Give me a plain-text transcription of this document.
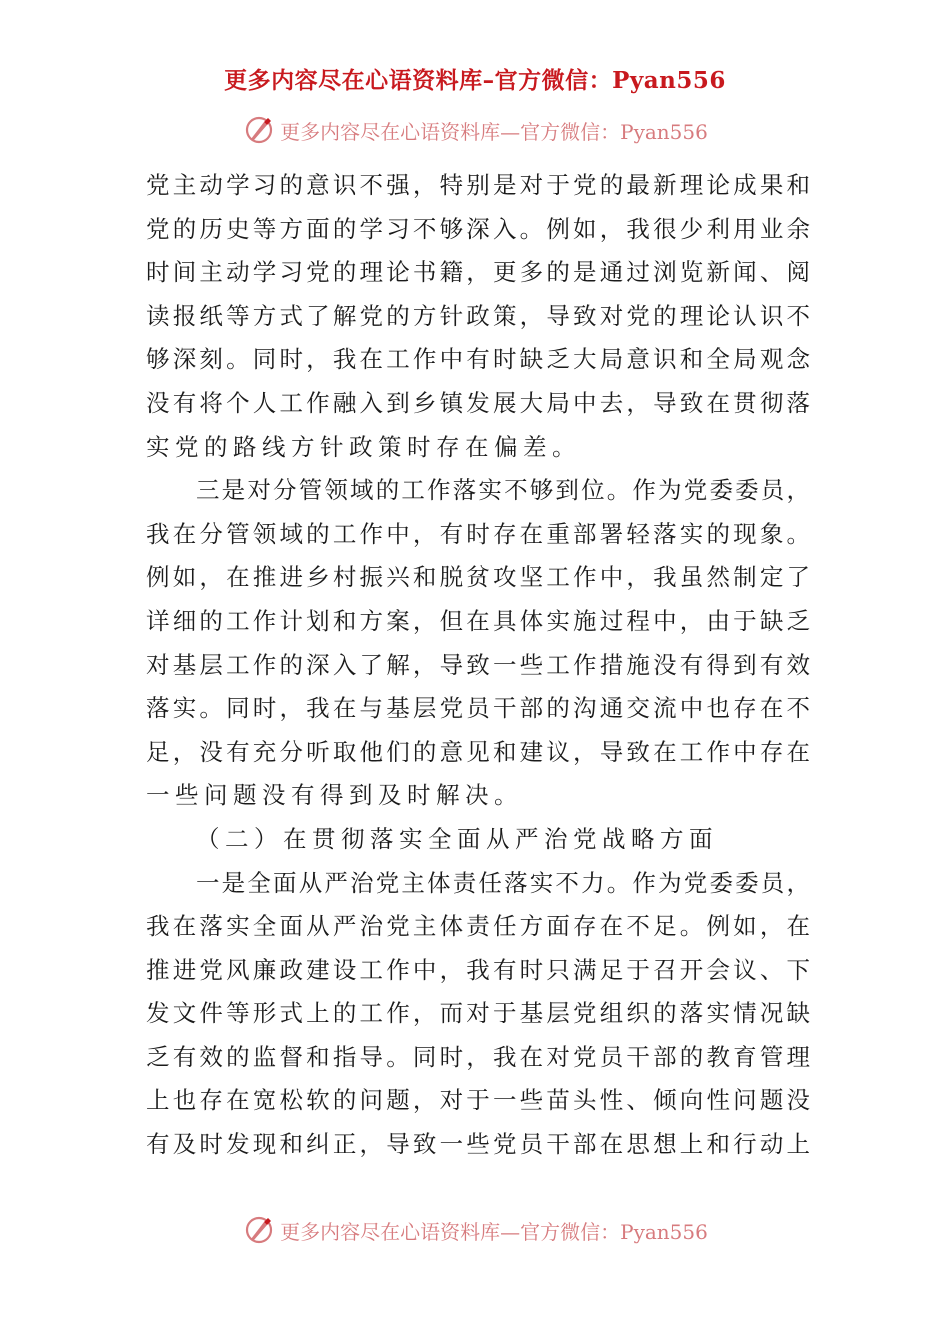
更多内容尽在心语资料库–官方微信：Pyan556
更多内容尽在心语资料库—官方微信：Pyan556
党 主 动 学 习 的 意 识 不 强 ， 特 别 是 对 于 党 的 最 新 理 论 成 果 和
党 的 历 史 等 方 面 的 学 习 不 够 深 入 。 例 如 ， 我 很 少 利 用 业 余
时 间 主 动 学 习 党 的 理 论 书 籍 ， 更 多 的 是 通 过 浏 览 新 闻 、 阅
读 报 纸 等 方 式 了 解 党 的 方 针 政 策 ， 导 致 对 党 的 理 论 认 识 不
够 深 刻 。 同 时 ， 我 在 工 作 中 有 时 缺 乏 大 局 意 识 和 全 局 观 念
没 有 将 个 人 工 作 融 入 到 乡 镇 发 展 大 局 中 去 ， 导 致 在 贯 彻 落
实党的路线方针政策时存在偏差。
三 是 对 分 管 领 域 的 工 作 落 实 不 够 到 位 。 作 为 党 委 委 员 ，
我 在 分 管 领 域 的 工 作 中 ， 有 时 存 在 重 部 署 轻 落 实 的 现 象 。
例 如 ， 在 推 进 乡 村 振 兴 和 脱 贫 攻 坚 工 作 中 ， 我 虽 然 制 定 了
详 细 的 工 作 计 划 和 方 案 ， 但 在 具 体 实 施 过 程 中 ， 由 于 缺 乏
对 基 层 工 作 的 深 入 了 解 ， 导 致 一 些 工 作 措 施 没 有 得 到 有 效
落 实 。 同 时 ， 我 在 与 基 层 党 员 干 部 的 沟 通 交 流 中 也 存 在 不
足 ， 没 有 充 分 听 取 他 们 的 意 见 和 建 议 ， 导 致 在 工 作 中 存 在
一些问题没有得到及时解决。
（二）在贯彻落实全面从严治党战略方面
一 是 全 面 从 严 治 党 主 体 责 任 落 实 不 力 。 作 为 党 委 委 员 ，
我 在 落 实 全 面 从 严 治 党 主 体 责 任 方 面 存 在 不 足 。 例 如 ， 在
推 进 党 风 廉 政 建 设 工 作 中 ， 我 有 时 只 满 足 于 召 开 会 议 、 下
发 文 件 等 形 式 上 的 工 作 ， 而 对 于 基 层 党 组 织 的 落 实 情 况 缺
乏 有 效 的 监 督 和 指 导 。 同 时 ， 我 在 对 党 员 干 部 的 教 育 管 理
上 也 存 在 宽 松 软 的 问 题 ， 对 于 一 些 苗 头 性 、 倾 向 性 问 题 没
有 及 时 发 现 和 纠 正 ， 导 致 一 些 党 员 干 部 在 思 想 上 和 行 动 上
更多内容尽在心语资料库—官方微信：Pyan556
